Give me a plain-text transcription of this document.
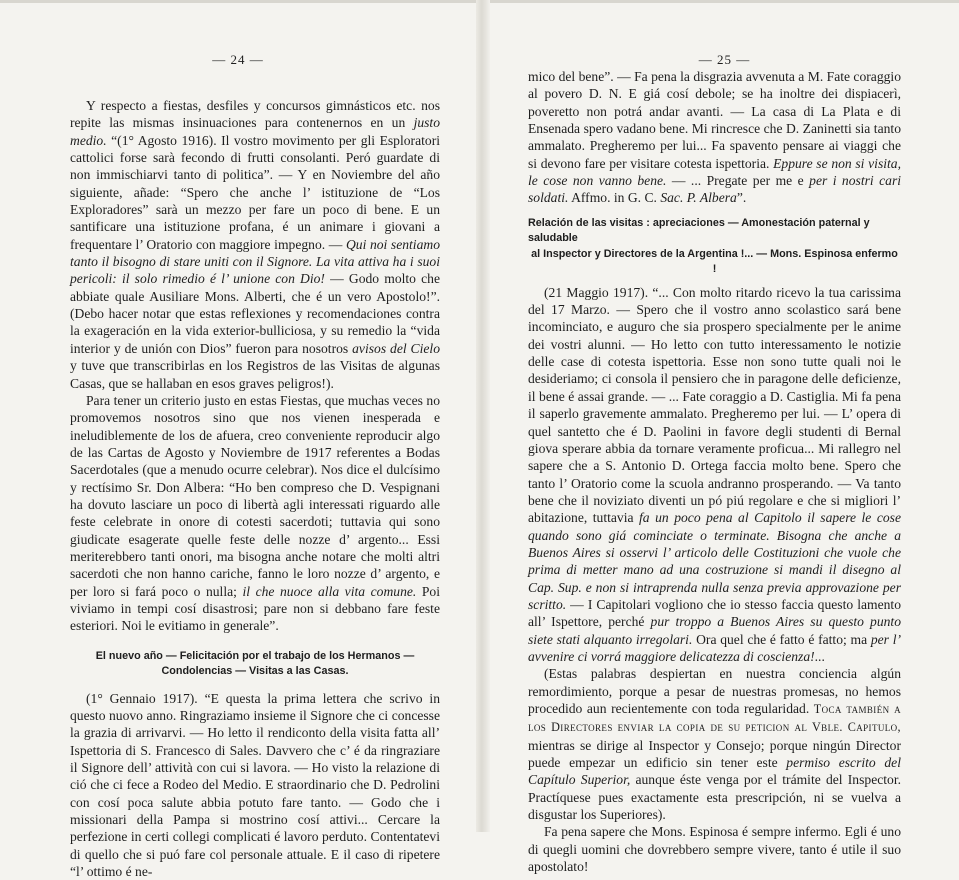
— 24 —

Y respecto a fiestas, desfiles y concursos gimnásticos etc. nos repite las mismas insinuaciones para contenernos en un justo medio. “(1° Agosto 1916). Il vostro movimento per gli Esploratori cattolici forse sarà fecondo di frutti consolanti. Peró guardate di non immischiarvi tanto di politica”. — Y en Noviembre del año siguiente, añade: “Spero che anche l’ istituzione de “Los Exploradores” sarà un mezzo per fare un poco di bene. E un santificare una istituzione profana, é un animare i giovani a frequentare l’ Oratorio con maggiore impegno. — Qui noi sentiamo tanto il bisogno di stare uniti con il Signore. La vita attiva ha i suoi pericoli: il solo rimedio é l’ unione con Dio! — Godo molto che abbiate quale Ausiliare Mons. Alberti, che é un vero Apostolo!”. (Debo hacer notar que estas reflexiones y recomendaciones contra la exageración en la vida exterior-bulliciosa, y su remedio la “vida interior y de unión con Dios” fueron para nosotros avisos del Cielo y tuve que transcribirlas en los Registros de las Visitas de algunas Casas, que se hallaban en esos graves peligros!).

Para tener un criterio justo en estas Fiestas, que muchas veces no promovemos nosotros sino que nos vienen inesperada e ineludiblemente de los de afuera, creo conveniente reproducir algo de las Cartas de Agosto y Noviembre de 1917 referentes a Bodas Sacerdotales (que a menudo ocurre celebrar). Nos dice el dulcísimo y rectísimo Sr. Don Albera: “Ho ben compreso che D. Vespignani ha dovuto lasciare un poco di libertà agli interessati riguardo alle feste celebrate in onore di cotesti sacerdoti; tuttavia qui sono giudicate esagerate quelle feste delle nozze d’ argento... Essi meriterebbero tanti onori, ma bisogna anche notare che molti altri sacerdoti che non hanno cariche, fanno le loro nozze d’ argento, e per loro si fará poco o nulla; il che nuoce alla vita comune. Poi viviamo in tempi cosí disastrosi; pare non si debbano fare feste esteriori. Noi le evitiamo in generale”.

El nuevo año — Felicitación por el trabajo de los Hermanos —
Condolencias — Visitas a las Casas.

(1° Gennaio 1917). “E questa la prima lettera che scrivo in questo nuovo anno. Ringraziamo insieme il Signore che ci concesse la grazia di arrivarvi. — Ho letto il rendiconto della visita fatta all’ Ispettoria di S. Francesco di Sales. Davvero che c’ é da ringraziare il Signore dell’ attività con cui si lavora. — Ho visto la relazione di ció che ci fece a Rodeo del Medio. E straordinario che D. Pedrolini con cosí poca salute abbia potuto fare tanto. — Godo che i missionari della Pampa si mostrino cosí attivi... Cercare la perfezione in certi collegi complicati é lavoro perduto. Contentatevi di quello che si puó fare col personale attuale. E il caso di ripetere “l’ ottimo é ne-

— 25 —

mico del bene”. — Fa pena la disgrazia avvenuta a M. Fate coraggio al povero D. N. E giá cosí debole; se ha inoltre dei dispiacerì, poveretto non potrá andar avanti. — La casa di La Plata e di Ensenada spero vadano bene. Mi rincresce che D. Zaninetti sia tanto ammalato. Pregheremo per lui... Fa spavento pensare ai viaggi che si devono fare per visitare cotesta ispettoria. Eppure se non si visita, le cose non vanno bene. — ... Pregate per me e per i nostri cari soldati. Affmo. in G. C. Sac. P. Albera”.

Relación de las visitas : apreciaciones — Amonestación paternal y saludable
al Inspector y Directores de la Argentina !... — Mons. Espinosa enfermo !

(21 Maggio 1917). “... Con molto ritardo ricevo la tua carissima del 17 Marzo. — Spero che il vostro anno scolastico sará bene incominciato, e auguro che sia prospero specialmente per le anime dei vostri alunni. — Ho letto con tutto interessamento le notizie delle case di cotesta ispettoria. Esse non sono tutte quali noi le desideriamo; ci consola il pensiero che in paragone delle deficienze, il bene é assai grande. — ... Fate coraggio a D. Castiglia. Mi fa pena il saperlo gravemente ammalato. Pregheremo per lui. — L’ opera di quel santetto che é D. Paolini in favore degli studenti di Bernal giova sperare abbia da tornare veramente proficua... Mi rallegro nel sapere che a S. Antonio D. Ortega faccia molto bene. Spero che tanto l’ Oratorio come la scuola andranno prosperando. — Va tanto bene che il noviziato diventi un pó piú regolare e che si migliori l’ abitazione, tuttavia fa un poco pena al Capitolo il sapere le cose quando sono giá cominciate o terminate. Bisogna che anche a Buenos Aires si osservi l’ articolo delle Costituzioni che vuole che prima di metter mano ad una costruzione si mandi il disegno al Cap. Sup. e non si intraprenda nulla senza previa approvazione per scritto. — I Capitolari vogliono che io stesso faccia questo lamento all’ Ispettore, perché pur troppo a Buenos Aires su questo punto siete stati alquanto irregolari. Ora quel che é fatto é fatto; ma per l’ avvenire ci vorrá maggiore delicatezza di coscienza!...

(Estas palabras despiertan en nuestra conciencia algún remordimiento, porque a pesar de nuestras promesas, no hemos procedido aun recientemente con toda regularidad. Toca también a los Directores enviar la copia de su peticion al Vble. Capitulo, mientras se dirige al Inspector y Consejo; porque ningún Director puede empezar un edificio sin tener este permiso escrito del Capítulo Superior, aunque éste venga por el trámite del Inspector. Practíquese pues exactamente esta prescripción, ni se vuelva a disgustar los Superiores).

Fa pena sapere che Mons. Espinosa é sempre infermo. Egli é uno di quegli uomini che dovrebbero sempre vivere, tanto é utile il suo apostolato!
